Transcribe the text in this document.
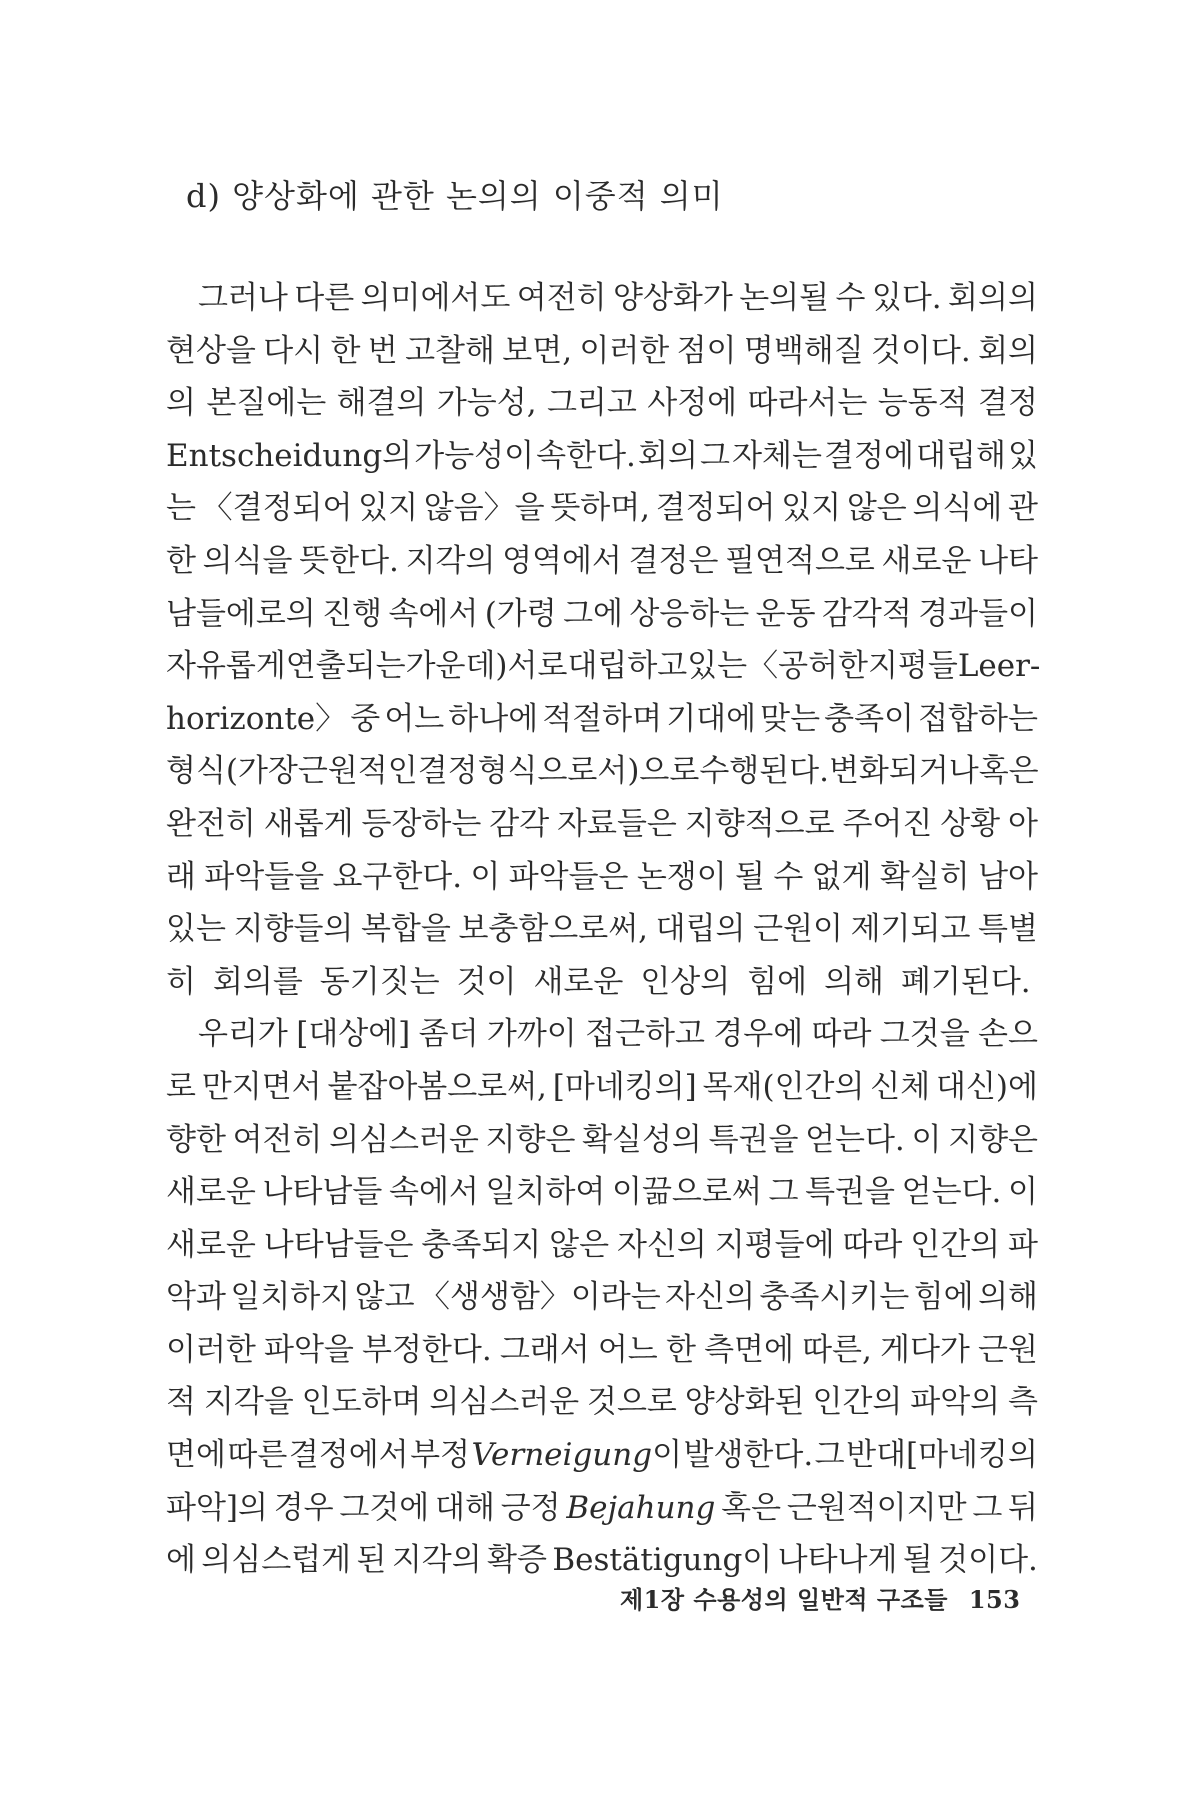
d) 양상화에 관한 논의의 이중적 의미
그러나 다른 의미에서도 여전히 양상화가 논의될 수 있다. 회의의
현상을 다시 한 번 고찰해 보면, 이러한 점이 명백해질 것이다. 회의
의 본질에는 해결의 가능성, 그리고 사정에 따라서는 능동적 결정
Entscheidung의 가능성이 속한다. 회의 그 자체는 결정에 대립해 있
는 〈결정되어 있지 않음〉을 뜻하며, 결정되어 있지 않은 의식에 관
한 의식을 뜻한다. 지각의 영역에서 결정은 필연적으로 새로운 나타
남들에로의 진행 속에서 (가령 그에 상응하는 운동 감각적 경과들이
자유롭게 연출되는 가운데) 서로 대립하고 있는 〈공허한 지평들 Leer-
horizonte〉 중 어느 하나에 적절하며 기대에 맞는 충족이 접합하는
형식(가장 근원적인 결정 형식으로서)으로 수행된다. 변화되거나 혹은
완전히 새롭게 등장하는 감각 자료들은 지향적으로 주어진 상황 아
래 파악들을 요구한다. 이 파악들은 논쟁이 될 수 없게 확실히 남아
있는 지향들의 복합을 보충함으로써, 대립의 근원이 제기되고 특별
히 회의를 동기짓는 것이 새로운 인상의 힘에 의해 폐기된다.
우리가 [대상에] 좀더 가까이 접근하고 경우에 따라 그것을 손으
로 만지면서 붙잡아봄으로써, [마네킹의] 목재(인간의 신체 대신)에
향한 여전히 의심스러운 지향은 확실성의 특권을 얻는다. 이 지향은
새로운 나타남들 속에서 일치하여 이끎으로써 그 특권을 얻는다. 이
새로운 나타남들은 충족되지 않은 자신의 지평들에 따라 인간의 파
악과 일치하지 않고 〈생생함〉이라는 자신의 충족시키는 힘에 의해
이러한 파악을 부정한다. 그래서 어느 한 측면에 따른, 게다가 근원
적 지각을 인도하며 의심스러운 것으로 양상화된 인간의 파악의 측
면에 따른 결정에서 부정 Verneigung이 발생한다. 그 반대[마네킹의
파악]의 경우 그것에 대해 긍정 Bejahung 혹은 근원적이지만 그 뒤
에 의심스럽게 된 지각의 확증 Bestätigung이 나타나게 될 것이다.
제1장 수용성의 일반적 구조들 153
